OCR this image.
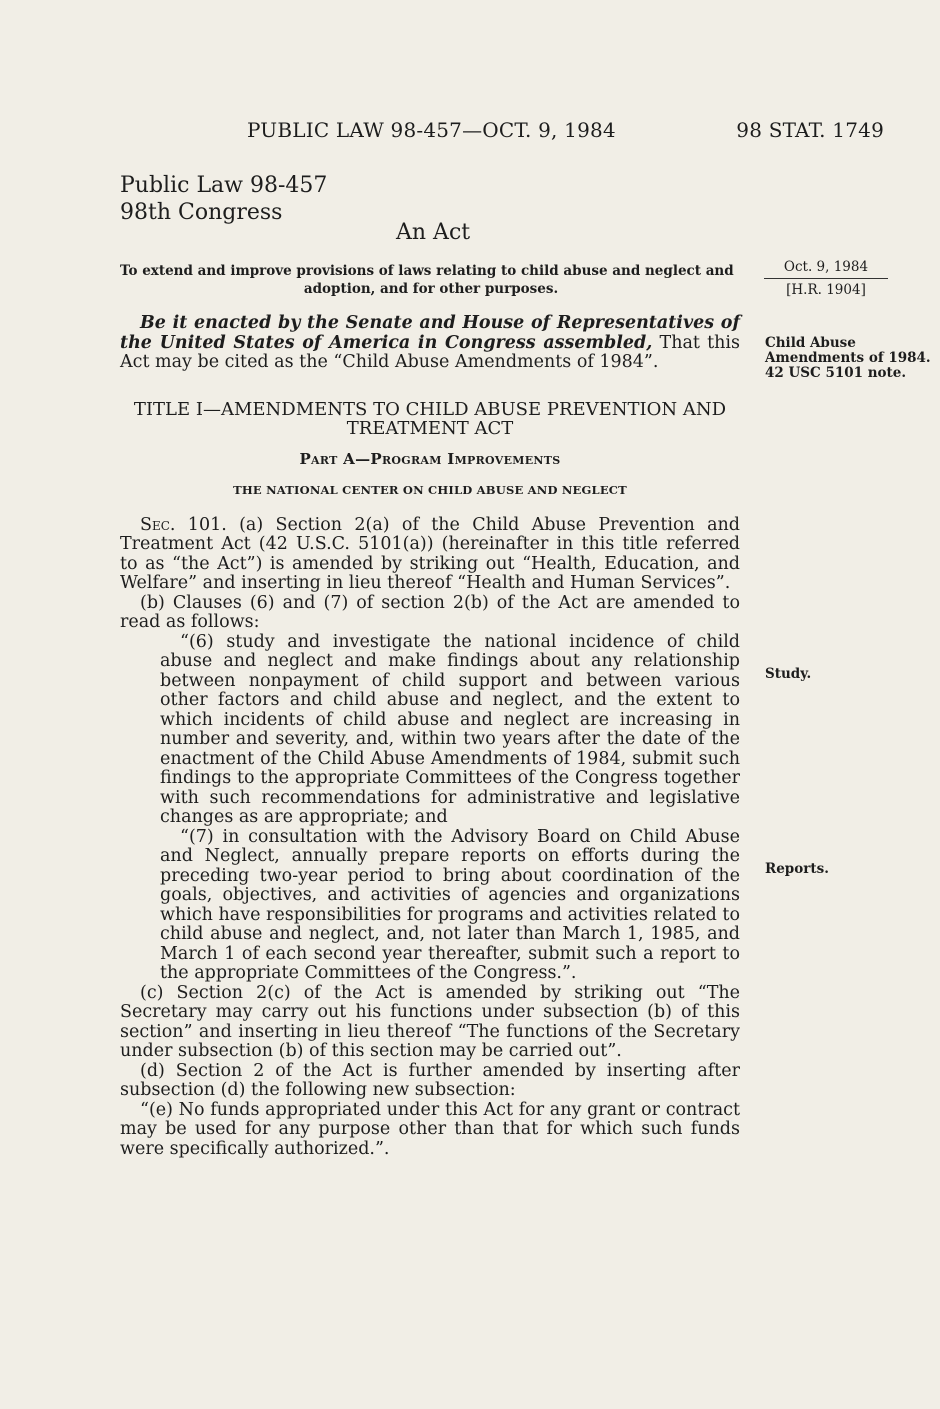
PUBLIC LAW 98-457—OCT. 9, 1984	98 STAT. 1749
Public Law 98-457
98th Congress
An Act
To extend and improve provisions of laws relating to child abuse and neglect and
adoption, and for other purposes.
Oct. 9, 1984
[H.R. 1904]
Child Abuse Amendments of 1984.
42 USC 5101 note.
Study.
Reports.

Be it enacted by the Senate and House of Representatives of the United States of America in Congress assembled, That this Act may be cited as the “Child Abuse Amendments of 1984”.

TITLE I—AMENDMENTS TO CHILD ABUSE PREVENTION AND TREATMENT ACT
Part A—Program Improvements
THE NATIONAL CENTER ON CHILD ABUSE AND NEGLECT

Sec. 101. (a) Section 2(a) of the Child Abuse Prevention and Treatment Act (42 U.S.C. 5101(a)) (hereinafter in this title referred to as “the Act”) is amended by striking out “Health, Education, and Welfare” and inserting in lieu thereof “Health and Human Services”.

(b) Clauses (6) and (7) of section 2(b) of the Act are amended to read as follows:

“(6) study and investigate the national incidence of child abuse and neglect and make findings about any relationship between nonpayment of child support and between various other factors and child abuse and neglect, and the extent to which incidents of child abuse and neglect are increasing in number and severity, and, within two years after the date of the enactment of the Child Abuse Amendments of 1984, submit such findings to the appropriate Committees of the Congress together with such recommendations for administrative and legislative changes as are appropriate; and

“(7) in consultation with the Advisory Board on Child Abuse and Neglect, annually prepare reports on efforts during the preceding two-year period to bring about coordination of the goals, objectives, and activities of agencies and organizations which have responsibilities for programs and activities related to child abuse and neglect, and, not later than March 1, 1985, and March 1 of each second year thereafter, submit such a report to the appropriate Committees of the Congress.”.

(c) Section 2(c) of the Act is amended by striking out “The Secretary may carry out his functions under subsection (b) of this section” and inserting in lieu thereof “The functions of the Secretary under subsection (b) of this section may be carried out”.

(d) Section 2 of the Act is further amended by inserting after subsection (d) the following new subsection:

“(e) No funds appropriated under this Act for any grant or contract may be used for any purpose other than that for which such funds were specifically authorized.”.
